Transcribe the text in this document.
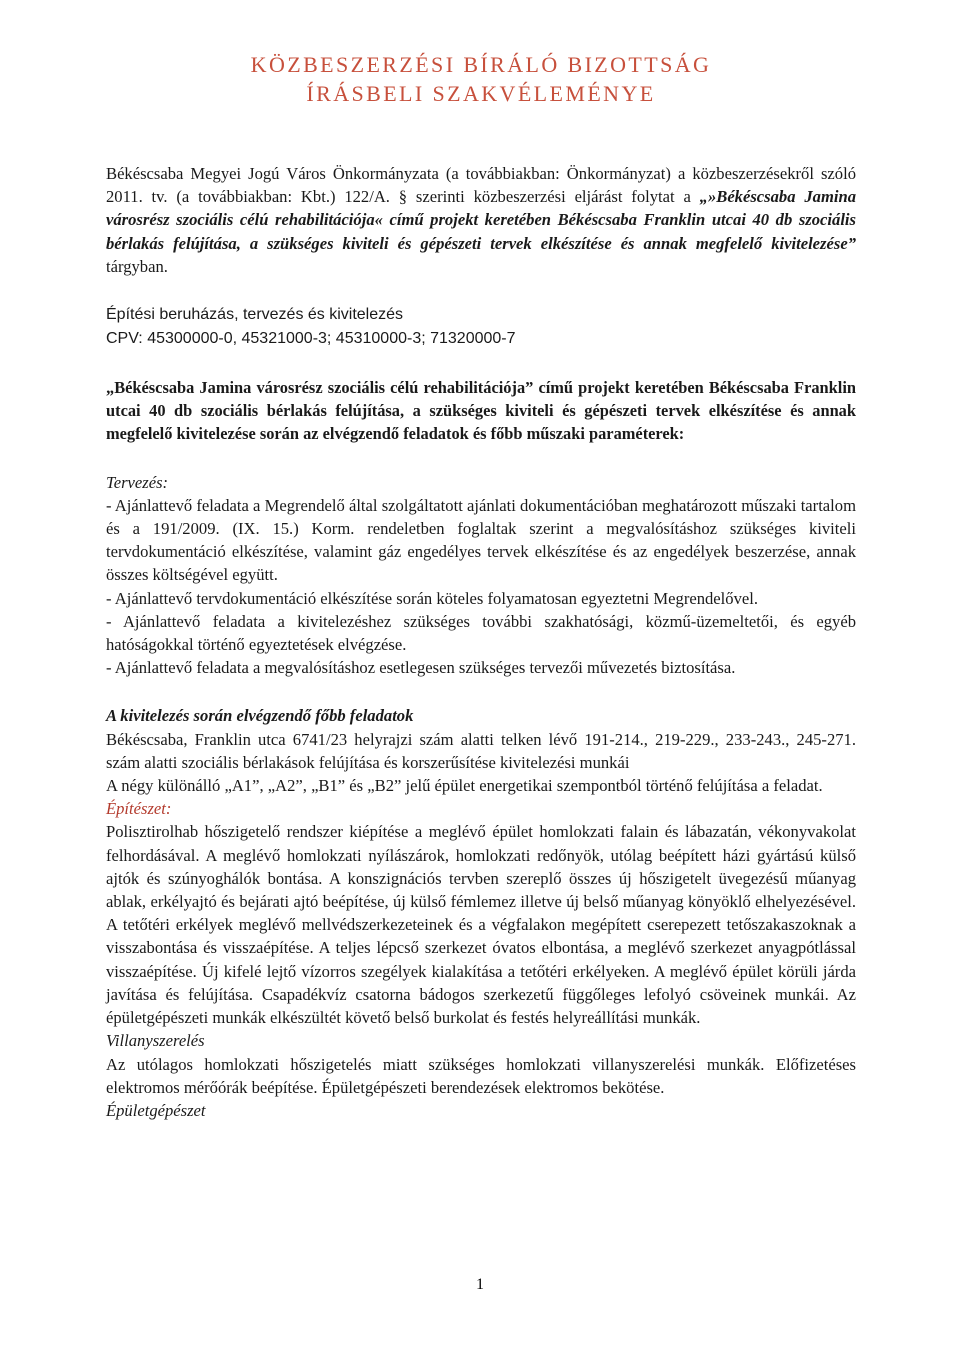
KÖZBESZERZÉSI BÍRÁLÓ BIZOTTSÁG
ÍRÁSBELI SZAKVÉLEMÉNYE

Békéscsaba Megyei Jogú Város Önkormányzata (a továbbiakban: Önkormányzat) a közbeszerzésekről szóló 2011. tv. (a továbbiakban: Kbt.) 122/A. § szerinti közbeszerzési eljárást folytat a „»Békéscsaba Jamina városrész szociális célú rehabilitációja« című projekt keretében Békéscsaba Franklin utcai 40 db szociális bérlakás felújítása, a szükséges kiviteli és gépészeti tervek elkészítése és annak megfelelő kivitelezése” tárgyban.

Építési beruházás, tervezés és kivitelezés
CPV: 45300000-0, 45321000-3; 45310000-3; 71320000-7

„Békéscsaba Jamina városrész szociális célú rehabilitációja” című projekt keretében Békéscsaba Franklin utcai 40 db szociális bérlakás felújítása, a szükséges kiviteli és gépészeti tervek elkészítése és annak megfelelő kivitelezése során az elvégzendő feladatok és főbb műszaki paraméterek:

Tervezés:

- Ajánlattevő feladata a Megrendelő által szolgáltatott ajánlati dokumentációban meghatározott műszaki tartalom és a 191/2009. (IX. 15.) Korm. rendeletben foglaltak szerint a megvalósításhoz szükséges kiviteli tervdokumentáció elkészítése, valamint gáz engedélyes tervek elkészítése és az engedélyek beszerzése, annak összes költségével együtt.

- Ajánlattevő tervdokumentáció elkészítése során köteles folyamatosan egyeztetni Megrendelővel.

- Ajánlattevő feladata a kivitelezéshez szükséges további szakhatósági, közmű-üzemeltetői, és egyéb hatóságokkal történő egyeztetések elvégzése.

- Ajánlattevő feladata a megvalósításhoz esetlegesen szükséges tervezői művezetés biztosítása.

A kivitelezés során elvégzendő főbb feladatok

Békéscsaba, Franklin utca 6741/23 helyrajzi szám alatti telken lévő 191-214., 219-229., 233-243., 245-271. szám alatti szociális bérlakások felújítása és korszerűsítése kivitelezési munkái

A négy különálló „A1”, „A2”, „B1” és „B2” jelű épület energetikai szempontból történő felújítása a feladat.

Építészet:

Polisztirolhab hőszigetelő rendszer kiépítése a meglévő épület homlokzati falain és lábazatán, vékonyvakolat felhordásával. A meglévő homlokzati nyílászárok, homlokzati redőnyök, utólag beépített házi gyártású külső ajtók és szúnyoghálók bontása. A konszignációs tervben szereplő összes új hőszigetelt üvegezésű műanyag ablak, erkélyajtó és bejárati ajtó beépítése, új külső fémlemez illetve új belső műanyag könyöklő elhelyezésével. A tetőtéri erkélyek meglévő mellvédszerkezeteinek és a végfalakon megépített cserepezett tetőszakaszoknak a visszabontása és visszaépítése. A teljes lépcső szerkezet óvatos elbontása, a meglévő szerkezet anyagpótlással visszaépítése. Új kifelé lejtő vízorros szegélyek kialakítása a tetőtéri erkélyeken. A meglévő épület körüli járda javítása és felújítása. Csapadékvíz csatorna bádogos szerkezetű függőleges lefolyó csöveinek munkái. Az épületgépészeti munkák elkészültét követő belső burkolat és festés helyreállítási munkák.

Villanyszerelés

Az utólagos homlokzati hőszigetelés miatt szükséges homlokzati villanyszerelési munkák. Előfizetéses elektromos mérőórák beépítése. Épületgépészeti berendezések elektromos bekötése.

Épületgépészet
1
